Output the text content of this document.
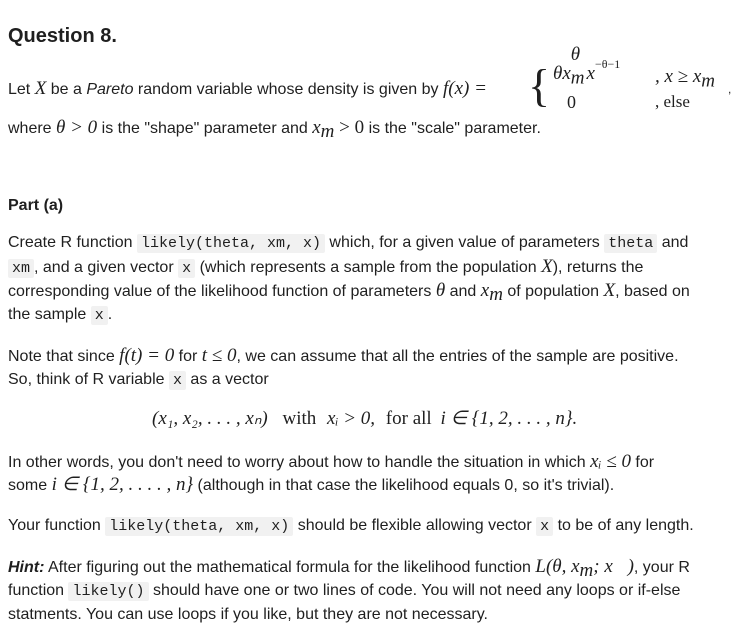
Question 8.
Let X be a Pareto random variable whose density is given by f(x) = { $\theta x_m$
θ
$x^{-\theta-1}$
, $x \ge x_m$
0	, else
,
where θ > 0 is the "shape" parameter and $x_m > 0$ is the "scale" parameter.
Part (a)
Create R function likely(theta, xm, x) which, for a given value of parameters theta and
xm , and a given vector x (which represents a sample from the population X), returns the
corresponding value of the likelihood function of parameters θ and $x_m$ of population X, based on
the sample x .
Note that since f(t) = 0 for t ≤ 0, we can assume that all the entries of the sample are positive.
So, think of R variable x as a vector
(x₁, x₂, . . . , xₙ) with xᵢ > 0, for all i ∈ {1, 2, . . . , n}.
In other words, you don't need to worry about how to handle the situation in which xᵢ ≤ 0 for
some i ∈ {1, 2, . . . . , n} (although in that case the likelihood equals 0, so it's trivial).
Your function likely(theta, xm, x) should be flexible allowing vector x to be of any length.
Hint: After figuring out the mathematical formula for the likelihood function L(θ, $x_m$; x⃗), your R
function likely() should have one or two lines of code. You will not need any loops or if-else
statments. You can use loops if you like, but they are not necessary.
